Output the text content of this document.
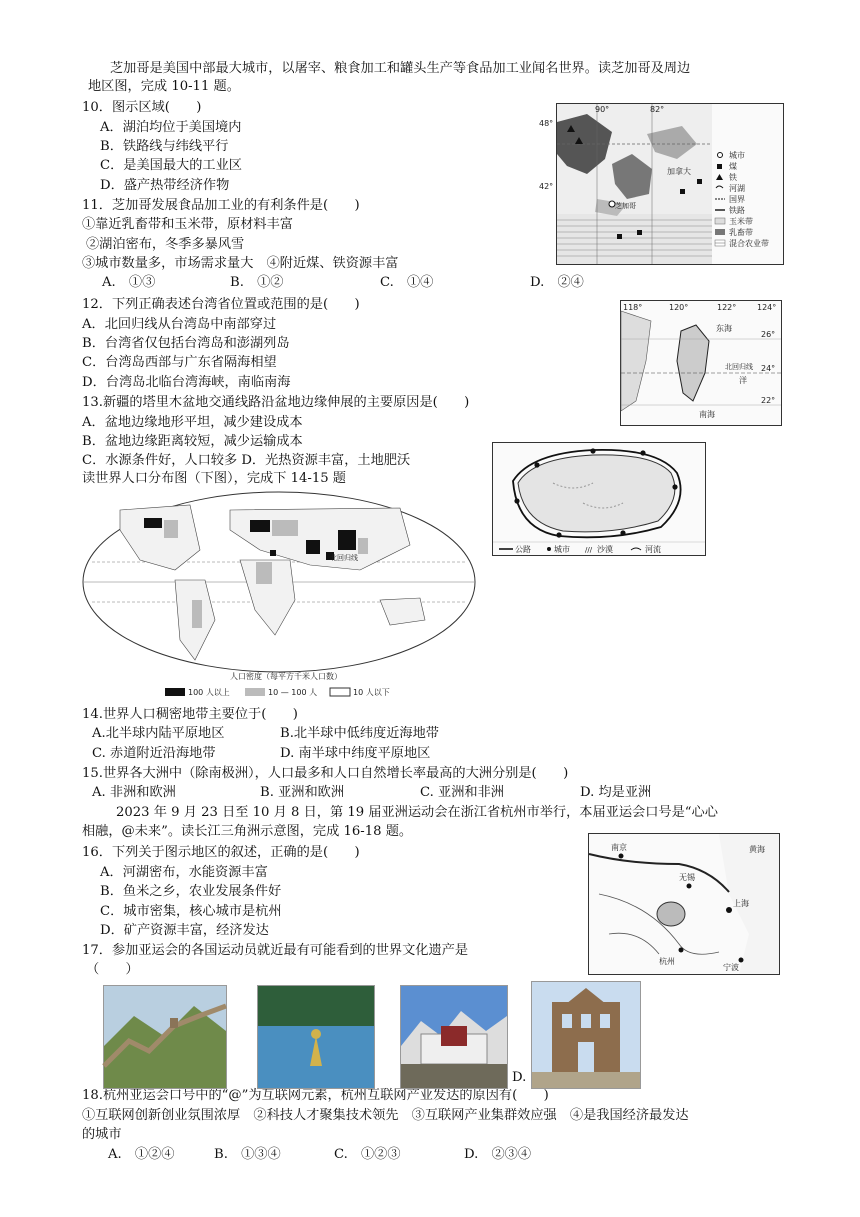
芝加哥是美国中部最大城市，以屠宰、粮食加工和罐头生产等食品加工业闻名世界。读芝加哥及周边
地区图，完成 10-11 题。
10．图示区域(　　)
A．湖泊均位于美国境内
B．铁路线与纬线平行
C．是美国最大的工业区
D．盛产热带经济作物
11．芝加哥发展食品加工业的有利条件是(　　)
①靠近乳畜带和玉米带，原材料丰富
②湖泊密布，冬季多暴风雪
③城市数量多，市场需求量大　④附近煤、铁资源丰富
A.　①③	B.　①②	C.　①④	D.　②④
12．下列正确表述台湾省位置或范围的是(　　)
A．北回归线从台湾岛中南部穿过
B．台湾省仅包括台湾岛和澎湖列岛
C．台湾岛西部与广东省隔海相望
D．台湾岛北临台湾海峡，南临南海
13.新疆的塔里木盆地交通线路沿盆地边缘伸展的主要原因是(　　)
A．盆地边缘地形平坦，减少建设成本
B．盆地边缘距离较短，减少运输成本
C．水源条件好，人口较多 D．光热资源丰富，土地肥沃
读世界人口分布图（下图），完成下 14-15 题
14.世界人口稠密地带主要位于(　　)
A.北半球内陆平原地区	B.北半球中低纬度近海地带
C. 赤道附近沿海地带	D. 南半球中纬度平原地区
15.世界各大洲中（除南极洲），人口最多和人口自然增长率最高的大洲分别是(　　)
A. 非洲和欧洲	B. 亚洲和欧洲	C. 亚洲和非洲	D. 均是亚洲
2023 年 9 月 23 日至 10 月 8 日，第 19 届亚洲运动会在浙江省杭州市举行，本届亚运会口号是“心心
相融，@未来”。读长江三角洲示意图，完成 16-18 题。
16．下列关于图示地区的叙述，正确的是(　　)
A．河湖密布，水能资源丰富
B．鱼米之乡，农业发展条件好
C．城市密集，核心城市是杭州
D．矿产资源丰富，经济发达
17．参加亚运会的各国运动员就近最有可能看到的世界文化遗产是
（　　）
18.杭州亚运会口号中的“@”为互联网元素，杭州互联网产业发达的原因有(　　)
①互联网创新创业氛围浓厚　②科技人才聚集技术领先　③互联网产业集群效应强　④是我国经济最发达
的城市
A.　①②④	B.　①③④	C.　①②③	D.　②③④
90°	82°
48°
42°
加拿大
芝加哥
城市
煤
铁
河湖
国界
铁路
玉米带
乳畜带
混合农业带
118°	120°	122°	124°
26°
24°
22°
东海
南海
洋
北回归线
公路	城市 /// 沙漠	河流
北回归线
人口密度（每平方千米人口数）
100 人以上	10 — 100 人	10 人以下
黄海
南京
无锡
上海
杭州
宁波
D.
